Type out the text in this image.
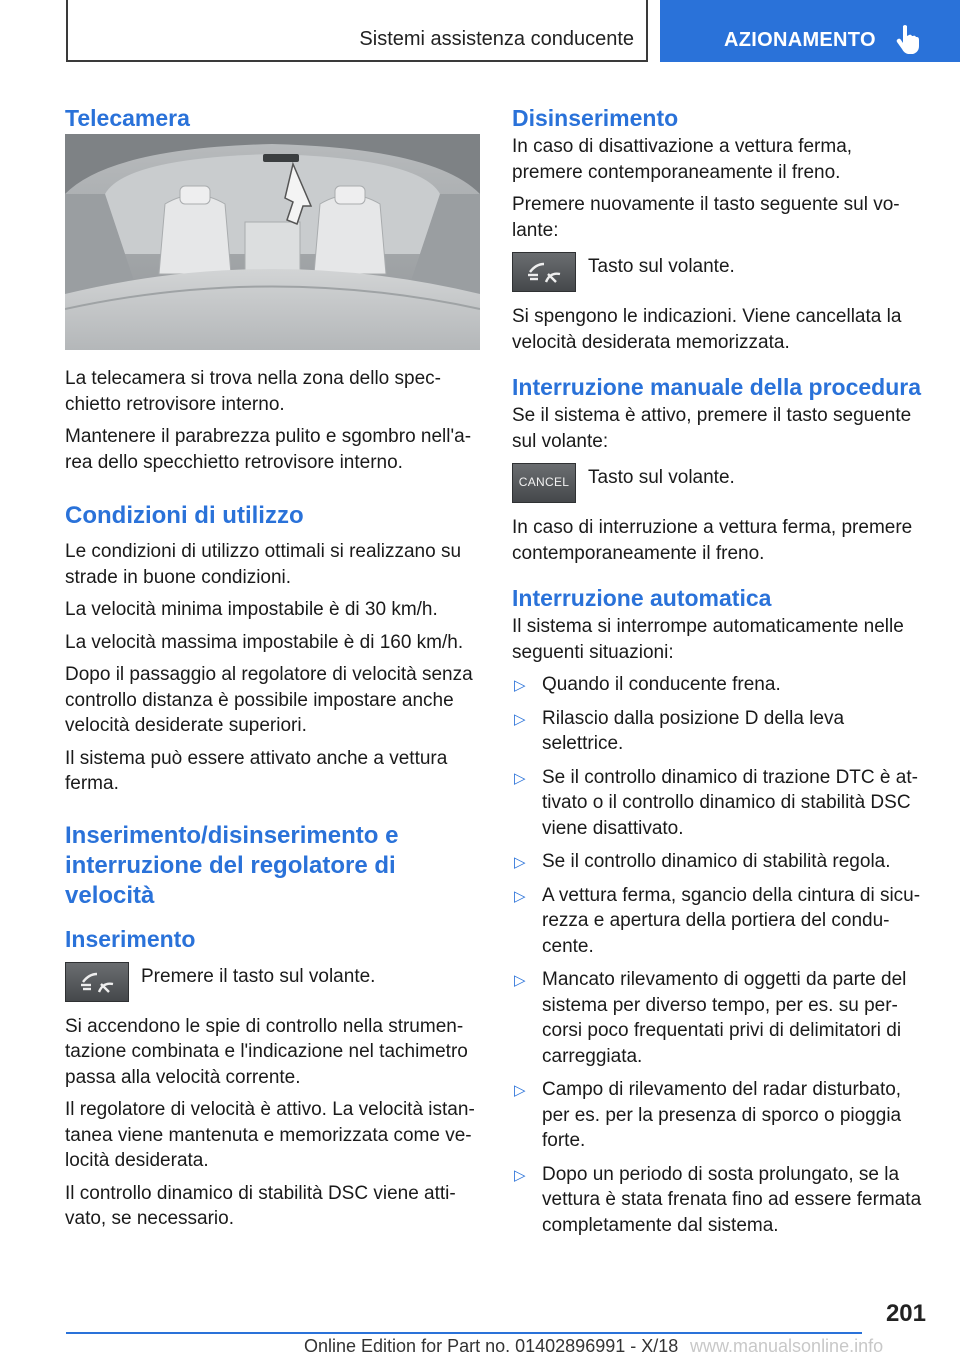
Sistemi assistenza conducente	AZIONAMENTO
Telecamera

La telecamera si trova nella zona dello specchietto retrovisore interno.

Mantenere il parabrezza pulito e sgombro nell'area dello specchietto retrovisore interno.

Condizioni di utilizzo

Le condizioni di utilizzo ottimali si realizzano su strade in buone condizioni.

La velocità minima impostabile è di 30 km/h.

La velocità massima impostabile è di 160 km/h.

Dopo il passaggio al regolatore di velocità senza controllo distanza è possibile impostare anche velocità desiderate superiori.

Il sistema può essere attivato anche a vettura ferma.

Inserimento/disinserimento e interruzione del regolatore di velocità
Inserimento
Premere il tasto sul volante.

Si accendono le spie di controllo nella strumentazione combinata e l'indicazione nel tachimetro passa alla velocità corrente.

Il regolatore di velocità è attivo. La velocità istantanea viene mantenuta e memorizzata come velocità desiderata.

Il controllo dinamico di stabilità DSC viene attivato, se necessario.

Disinserimento

In caso di disattivazione a vettura ferma, premere contemporaneamente il freno.

Premere nuovamente il tasto seguente sul volante:

Tasto sul volante.

Si spengono le indicazioni. Viene cancellata la velocità desiderata memorizzata.

Interruzione manuale della procedura

Se il sistema è attivo, premere il tasto seguente sul volante:

CANCEL Tasto sul volante.

In caso di interruzione a vettura ferma, premere contemporaneamente il freno.

Interruzione automatica

Il sistema si interrompe automaticamente nelle seguenti situazioni:

▷ Quando il conducente frena.
▷ Rilascio dalla posizione D della leva selettrice.
▷ Se il controllo dinamico di trazione DTC è attivato o il controllo dinamico di stabilità DSC viene disattivato.
▷ Se il controllo dinamico di stabilità regola.
▷ A vettura ferma, sgancio della cintura di sicurezza e apertura della portiera del conducente.
▷ Mancato rilevamento di oggetti da parte del sistema per diverso tempo, per es. su percorsi poco frequentati privi di delimitatori di carreggiata.
▷ Campo di rilevamento del radar disturbato, per es. per la presenza di sporco o pioggia forte.
▷ Dopo un periodo di sosta prolungato, se la vettura è stata frenata fino ad essere fermata completamente dal sistema.
201
Online Edition for Part no. 01402896991 - X/18 www.manualsonline.info
